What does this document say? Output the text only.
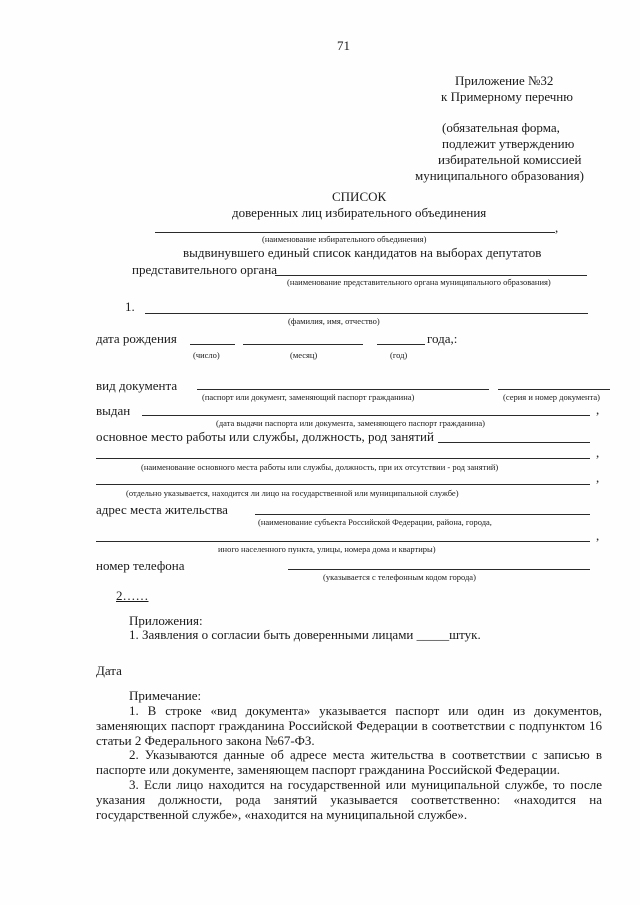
71
Приложение №32
к Примерному перечню
(обязательная форма,
подлежит утверждению
избирательной комиссией
муниципального образования)
СПИСОК
доверенных лиц избирательного объединения
,
(наименование избирательного объединения)
выдвинувшего единый список кандидатов на выборах депутатов
представительного органа
(наименование представительного органа муниципального образования)
1.
(фамилия, имя, отчество)
дата рождения	года,:
(число)	(месяц)	(год)
вид документа
(паспорт или документ, заменяющий паспорт гражданина)	(серия и номер документа)
выдан	,
(дата выдачи паспорта или документа, заменяющего паспорт гражданина)
основное место работы или службы, должность, род занятий
,
(наименование основного места работы или службы, должность, при их отсутствии - род занятий)
,
(отдельно указывается, находится ли лицо на государственной или муниципальной службе)
адрес места жительства
(наименование субъекта Российской Федерации, района, города,
,
иного населенного пункта, улицы, номера дома и квартиры)
номер телефона
(указывается с телефонным кодом города)
2……
Приложения:
1. Заявления о согласии быть доверенными лицами _____штук.
Дата
Примечание:
1. В строке «вид документа» указывается паспорт или один из документов, заменяющих паспорт гражданина Российской Федерации в соответствии с подпунктом 16 статьи 2 Федерального закона №67-ФЗ.
2. Указываются данные об адресе места жительства в соответствии с записью в паспорте или документе, заменяющем паспорт гражданина Российской Федерации.
3. Если лицо находится на государственной или муниципальной службе, то после указания должности, рода занятий указывается соответственно: «находится на государственной службе», «находится на муниципальной службе».
